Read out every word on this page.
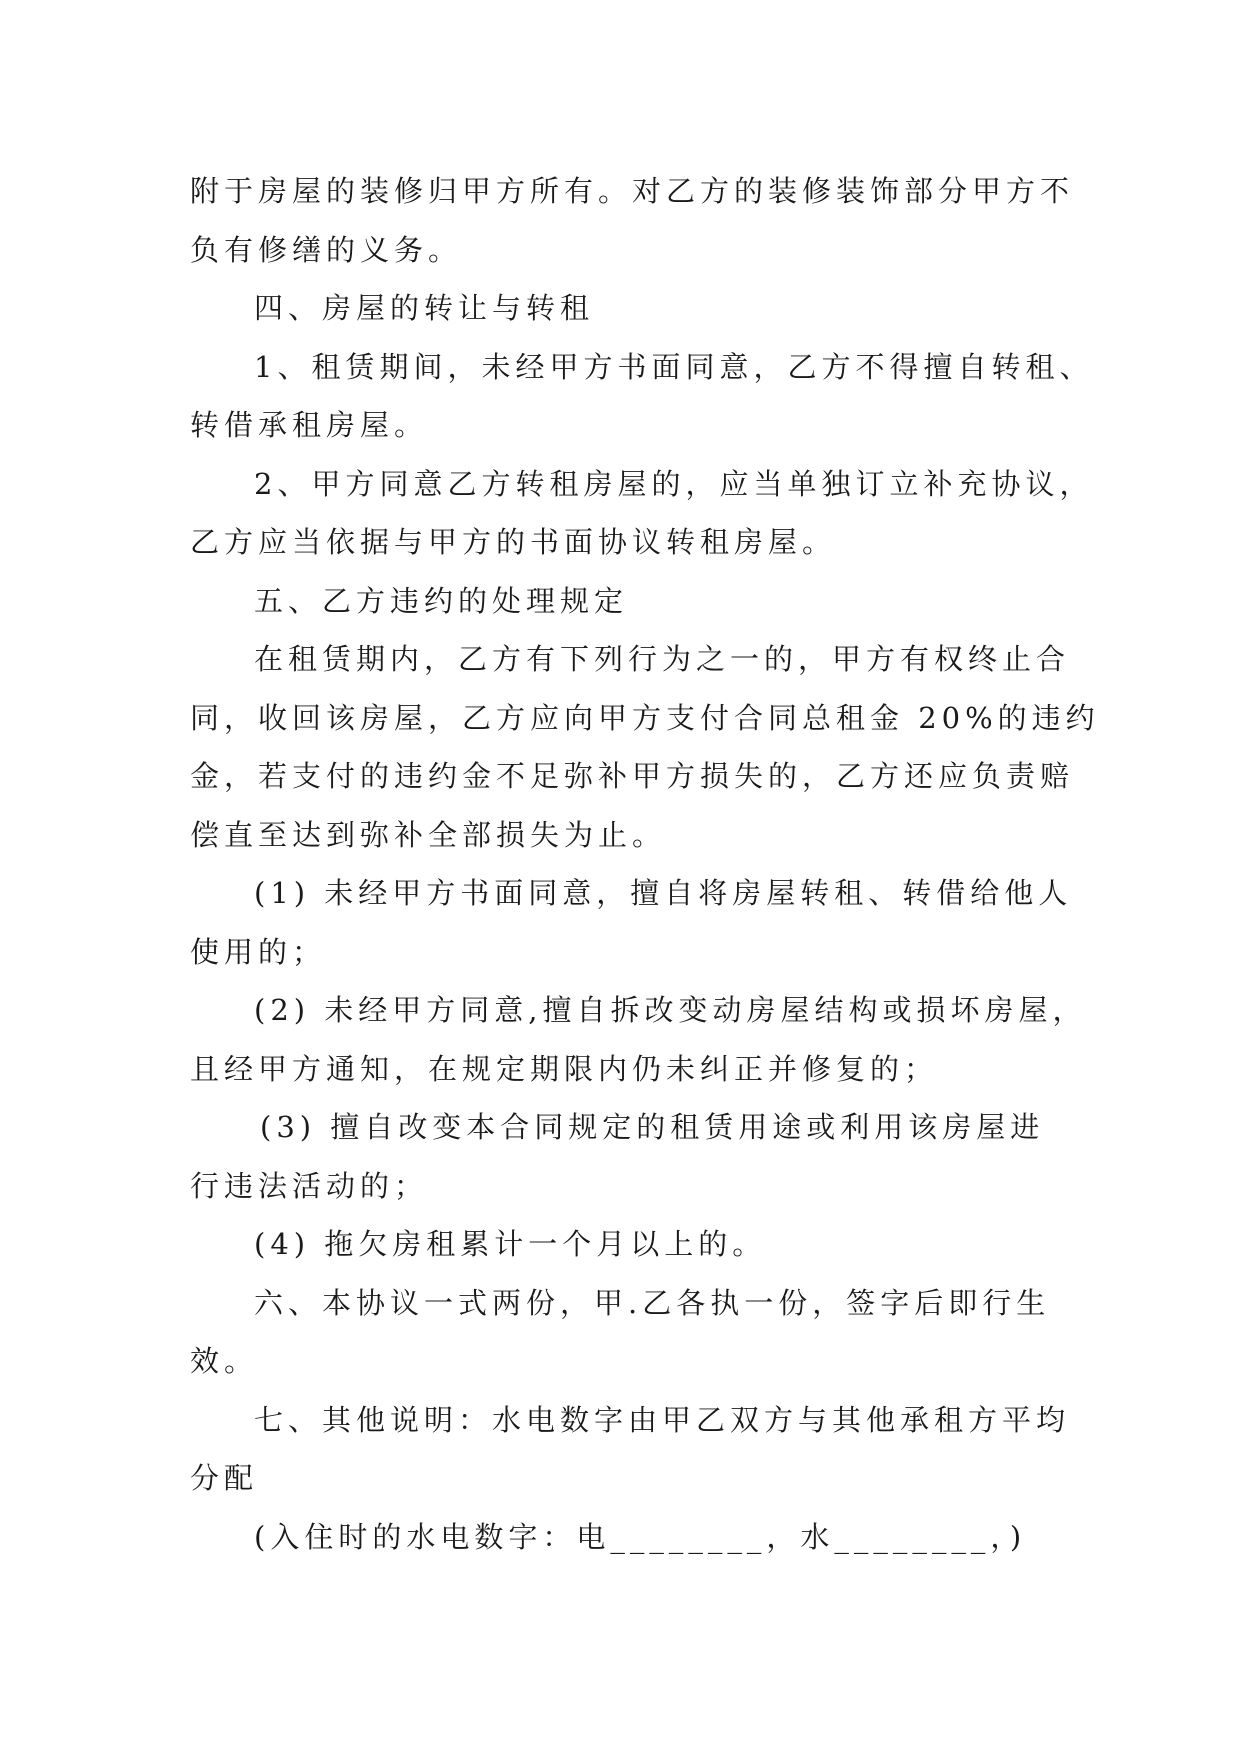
附于房屋的装修归甲方所有。对乙方的装修装饰部分甲方不
负有修缮的义务。
四、房屋的转让与转租
1、租赁期间，未经甲方书面同意，乙方不得擅自转租、
转借承租房屋。
2、甲方同意乙方转租房屋的，应当单独订立补充协议，
乙方应当依据与甲方的书面协议转租房屋。
五、乙方违约的处理规定
在租赁期内，乙方有下列行为之一的，甲方有权终止合
同，收回该房屋，乙方应向甲方支付合同总租金 20%的违约
金，若支付的违约金不足弥补甲方损失的，乙方还应负责赔
偿直至达到弥补全部损失为止。
(1) 未经甲方书面同意，擅自将房屋转租、转借给他人
使用的；
(2) 未经甲方同意,擅自拆改变动房屋结构或损坏房屋，
且经甲方通知，在规定期限内仍未纠正并修复的；
(3) 擅自改变本合同规定的租赁用途或利用该房屋进
行违法活动的；
(4) 拖欠房租累计一个月以上的。
六、本协议一式两份，甲.乙各执一份，签字后即行生
效。
七、其他说明：水电数字由甲乙双方与其他承租方平均
分配
(入住时的水电数字：电________，水________，)
